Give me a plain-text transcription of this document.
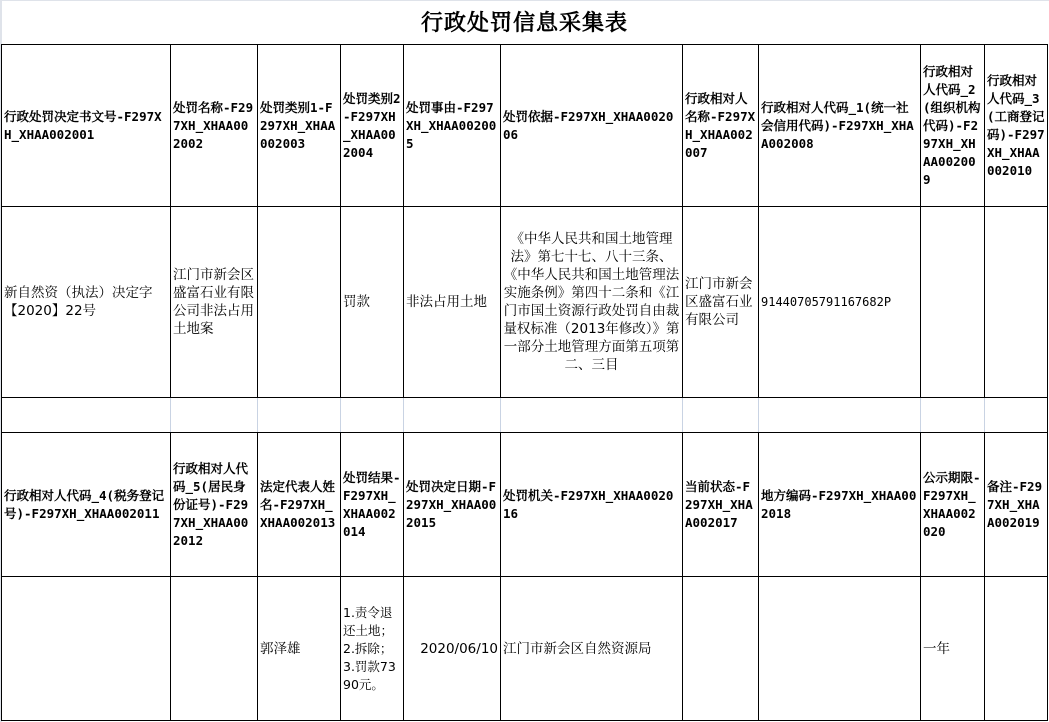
行政处罚信息采集表
行政处罚决定书文号-F297XH_XHAA002001	处罚名称-F297XH_XHAA002002	处罚类别1-F297XH_XHAA002003	处罚类别2-F297XH_XHAA002004	处罚事由-F297XH_XHAA002005	处罚依据-F297XH_XHAA002006	行政相对人名称-F297XH_XHAA002007	行政相对人代码_1(统一社会信用代码)-F297XH_XHAA002008	行政相对人代码_2(组织机构代码)-F297XH_XHAA002009	行政相对人代码_3(工商登记码)-F297XH_XHAA002010
新自然资（执法）决定字【2020】22号	江门市新会区盛富石业有限公司非法占用土地案		罚款	非法占用土地	《中华人民共和国土地管理法》第七十七、八十三条、《中华人民共和国土地管理法实施条例》第四十二条和《江门市国土资源行政处罚自由裁量权标准（2013年修改）》第一部分土地管理方面第五项第二、三目	江门市新会区盛富石业有限公司	91440705791167682P		

行政相对人代码_4(税务登记号)-F297XH_XHAA002011	行政相对人代码_5(居民身份证号)-F297XH_XHAA002012	法定代表人姓名-F297XH_XHAA002013	处罚结果-F297XH_XHAA002014	处罚决定日期-F297XH_XHAA002015	处罚机关-F297XH_XHAA002016	当前状态-F297XH_XHAA002017	地方编码-F297XH_XHAA002018	公示期限-F297XH_XHAA002020	备注-F297XH_XHAA002019
		郭泽雄	1.责令退还土地；2.拆除；3.罚款7390元。	2020/06/10	江门市新会区自然资源局			一年	
